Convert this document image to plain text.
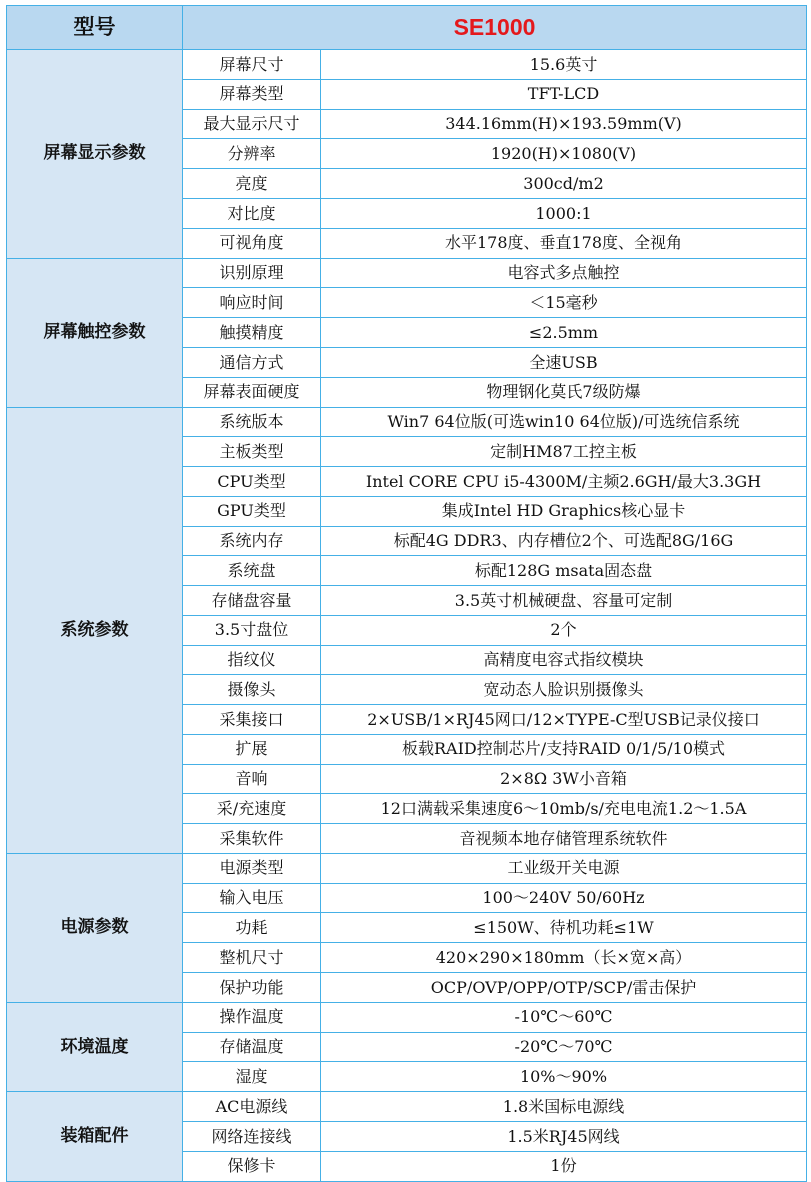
型号	SE1000	
屏幕显示参数	屏幕尺寸	15.6英寸
	屏幕类型	TFT-LCD
	最大显示尺寸	344.16mm(H)×193.59mm(V)
	分辨率	1920(H)×1080(V)
	亮度	300cd/m2
	对比度	1000:1
	可视角度	水平178度、垂直178度、全视角
屏幕触控参数	识别原理	电容式多点触控
	响应时间	＜15毫秒
	触摸精度	≤2.5mm
	通信方式	全速USB
	屏幕表面硬度	物理钢化莫氏7级防爆
系统参数	系统版本	Win7 64位版(可选win10 64位版)/可选统信系统
	主板类型	定制HM87工控主板
	CPU类型	Intel CORE CPU i5-4300M/主频2.6GH/最大3.3GH
	GPU类型	集成Intel HD Graphics核心显卡
	系统内存	标配4G DDR3、内存槽位2个、可选配8G/16G
	系统盘	标配128G msata固态盘
	存储盘容量	3.5英寸机械硬盘、容量可定制
	3.5寸盘位	2个
	指纹仪	高精度电容式指纹模块
	摄像头	宽动态人脸识别摄像头
	采集接口	2×USB/1×RJ45网口/12×TYPE-C型USB记录仪接口
	扩展	板载RAID控制芯片/支持RAID 0/1/5/10模式
	音响	2×8Ω 3W小音箱
	采/充速度	12口满载采集速度6～10mb/s/充电电流1.2～1.5A
	采集软件	音视频本地存储管理系统软件
电源参数	电源类型	工业级开关电源
	输入电压	100～240V 50/60Hz
	功耗	≤150W、待机功耗≤1W
	整机尺寸	420×290×180mm（长×宽×高）
	保护功能	OCP/OVP/OPP/OTP/SCP/雷击保护
环境温度	操作温度	-10℃～60℃
	存储温度	-20℃～70℃
	湿度	10%～90%
装箱配件	AC电源线	1.8米国标电源线
	网络连接线	1.5米RJ45网线
	保修卡	1份
